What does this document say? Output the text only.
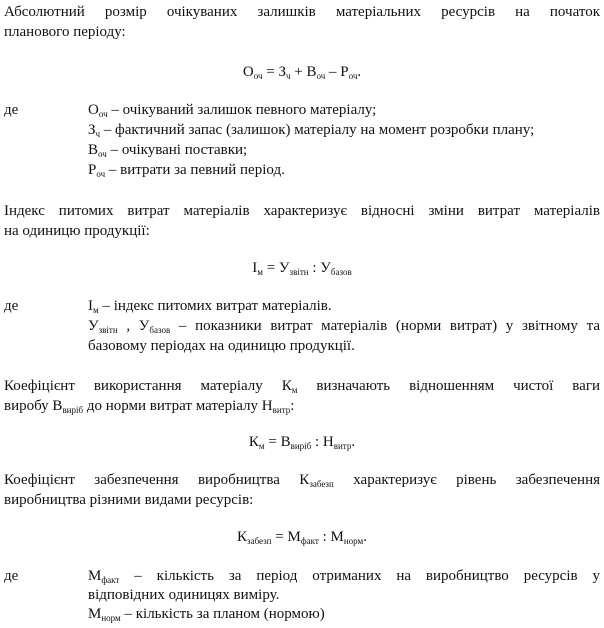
Абсолютний розмір очікуваних залишків матеріальних ресурсів на початок
планового періоду:
$О_{оч} = З_ч + В_{оч} - Р_{оч}$.
де	$О_{оч}$ – очікуваний залишок певного матеріалу;
$З_ч$ – фактичний запас (залишок) матеріалу на момент розробки плану;
$В_{оч}$ – очікувані поставки;
$Р_{оч}$ – витрати за певний період.
Індекс питомих витрат матеріалів характеризує відносні зміни витрат матеріалів
на одиницю продукції:
$І_м = У_{звітн}$ : $У_{базов}$
де	$І_м$ – індекс питомих витрат матеріалів.
$У_{звітн}$ , $У_{базов}$ – показники витрат матеріалів (норми витрат) у звітному та
базовому періодах на одиницю продукції.
Коефіцієнт використання матеріалу $К_м$ визначають відношенням чистої ваги
виробу $В_{виріб}$ до норми витрат матеріалу $Н_{витр}$:
$К_м = В_{виріб}$ : $Н_{витр}$.
Коефіцієнт забезпечення виробництва $К_{забезп}$ характеризує рівень забезпечення
виробництва різними видами ресурсів:
$К_{забезп} = М_{факт}$ : $М_{норм}$.
де	$М_{факт}$ – кількість за період отриманих на виробництво ресурсів у
відповідних одиницях виміру.
$М_{норм}$ – кількість за планом (нормою)
